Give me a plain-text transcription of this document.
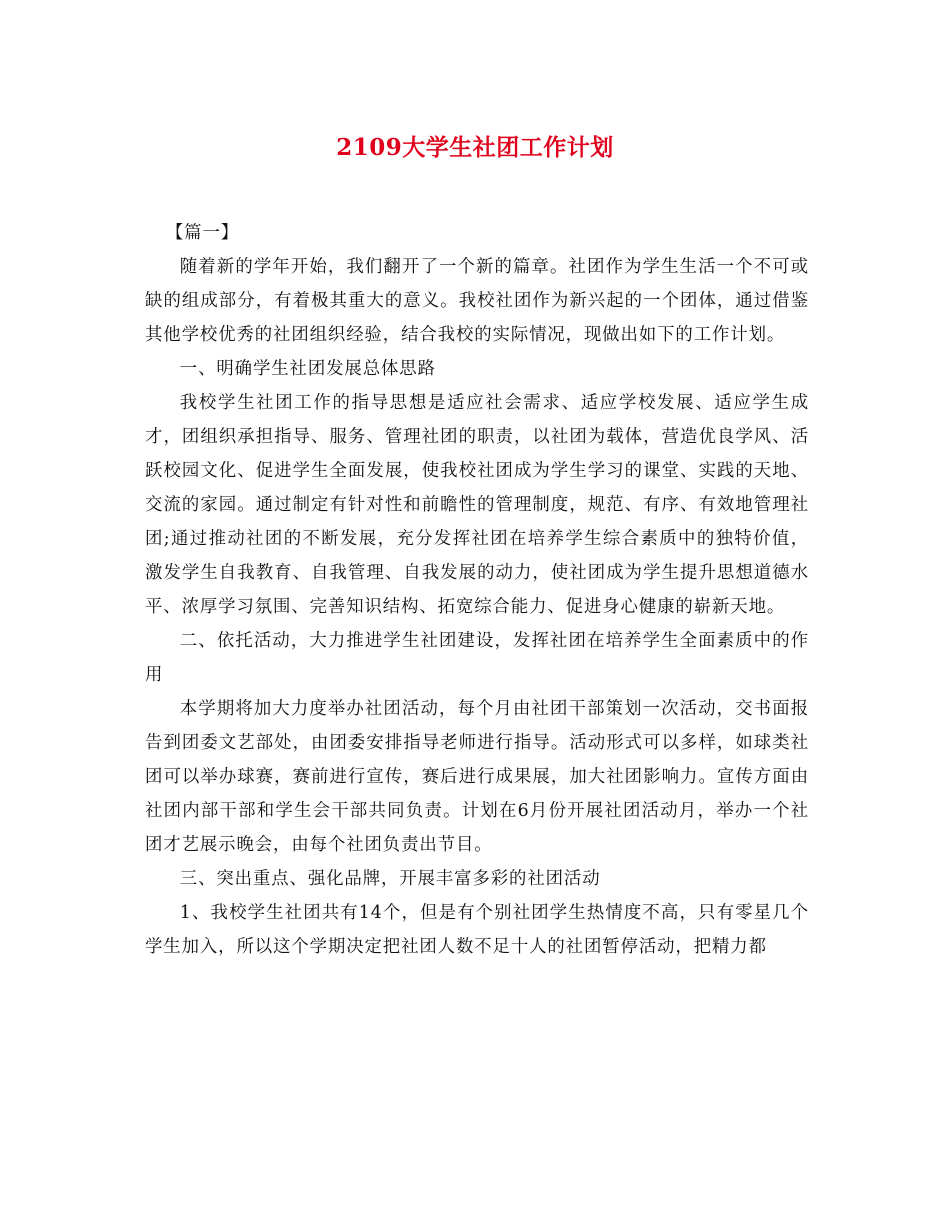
2109大学生社团工作计划

【篇一】

随着新的学年开始，我们翻开了一个新的篇章。社团作为学生生活一个不可或缺的组成部分，有着极其重大的意义。我校社团作为新兴起的一个团体，通过借鉴其他学校优秀的社团组织经验，结合我校的实际情况，现做出如下的工作计划。

一、明确学生社团发展总体思路

我校学生社团工作的指导思想是适应社会需求、适应学校发展、适应学生成才，团组织承担指导、服务、管理社团的职责，以社团为载体，营造优良学风、活跃校园文化、促进学生全面发展，使我校社团成为学生学习的课堂、实践的天地、交流的家园。通过制定有针对性和前瞻性的管理制度，规范、有序、有效地管理社团;通过推动社团的不断发展，充分发挥社团在培养学生综合素质中的独特价值，激发学生自我教育、自我管理、自我发展的动力，使社团成为学生提升思想道德水平、浓厚学习氛围、完善知识结构、拓宽综合能力、促进身心健康的崭新天地。

二、依托活动，大力推进学生社团建设，发挥社团在培养学生全面素质中的作用

本学期将加大力度举办社团活动，每个月由社团干部策划一次活动，交书面报告到团委文艺部处，由团委安排指导老师进行指导。活动形式可以多样，如球类社团可以举办球赛，赛前进行宣传，赛后进行成果展，加大社团影响力。宣传方面由社团内部干部和学生会干部共同负责。计划在6月份开展社团活动月，举办一个社团才艺展示晚会，由每个社团负责出节目。

三、突出重点、强化品牌，开展丰富多彩的社团活动

1、我校学生社团共有14个，但是有个别社团学生热情度不高，只有零星几个学生加入，所以这个学期决定把社团人数不足十人的社团暂停活动，把精力都
